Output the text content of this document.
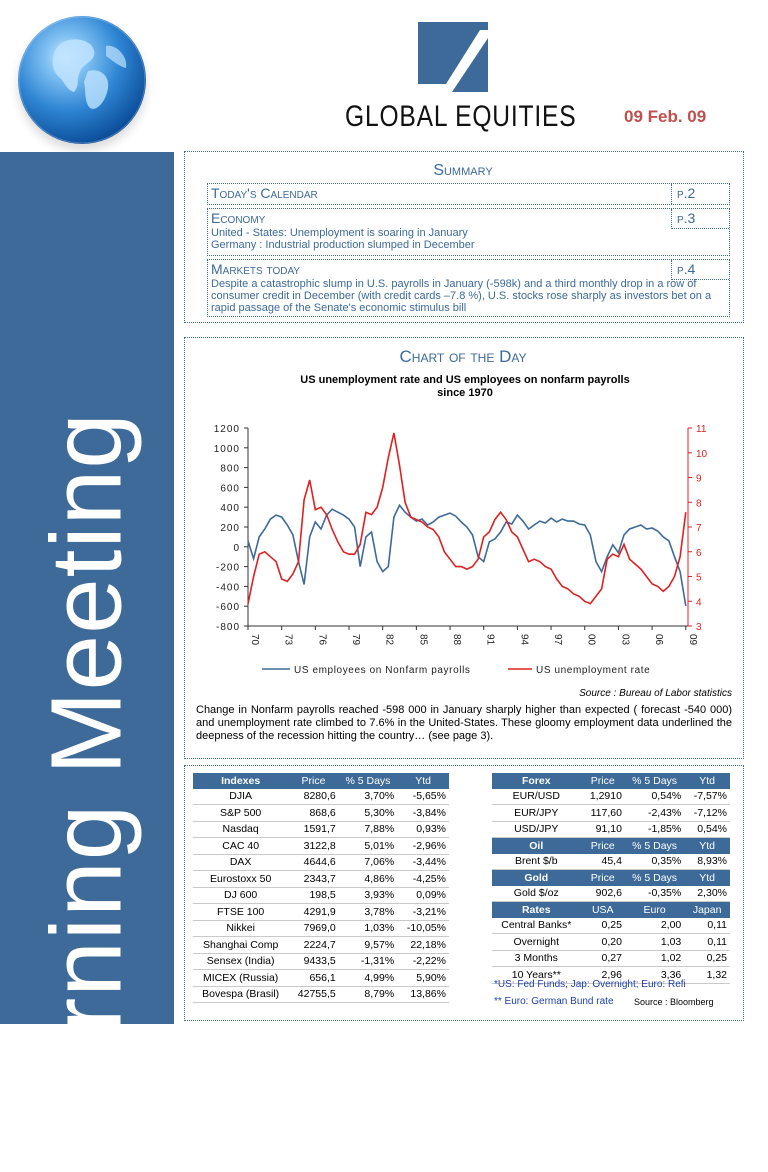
GLOBAL EQUITIES	09 Feb. 09
Morning Meeting
Summary
Today's Calendar	p.2
Economy
United - States: Unemployment is soaring in January
Germany : Industrial production slumped in December
p.3
Markets today
Despite a catastrophic slump in U.S. payrolls in January (-598k) and a third monthly drop in a row of consumer credit in December (with credit cards –7.8 %), U.S. stocks rose sharply as investors bet on a rapid passage of the Senate's economic stimulus bill
p.4
Chart of the Day
US unemployment rate and US employees on nonfarm payrolls since 1970
1200
1000
800
600
400
200
0
-200
-400
-600
-800
11
10
9
8
7
6
5
4
3
70 73 76 79 82 85 88 91 94 97 00 03 06 09
US employees on Nonfarm payrolls	US unemployment rate
Source : Bureau of Labor statistics
Change in Nonfarm payrolls reached -598 000 in January sharply higher than expected ( forecast -540 000) and unemployment rate climbed to 7.6% in the United-States. These gloomy employment data underlined the deepness of the recession hitting the country… (see page 3).
Indexes	Price	% 5 Days	Ytd
DJIA	8280,6	3,70%	-5,65%
S&P 500	868,6	5,30%	-3,84%
Nasdaq	1591,7	7,88%	0,93%
CAC 40	3122,8	5,01%	-2,96%
DAX	4644,6	7,06%	-3,44%
Eurostoxx 50	2343,7	4,86%	-4,25%
DJ 600	198,5	3,93%	0,09%
FTSE 100	4291,9	3,78%	-3,21%
Nikkei	7969,0	1,03%	-10,05%
Shanghai Comp	2224,7	9,57%	22,18%
Sensex (India)	9433,5	-1,31%	-2,22%
MICEX (Russia)	656,1	4,99%	5,90%
Bovespa (Brasil)	42755,5	8,79%	13,86%
Forex	Price	% 5 Days	Ytd
EUR/USD	1,2910	0,54%	-7,57%
EUR/JPY	117,60	-2,43%	-7,12%
USD/JPY	91,10	-1,85%	0,54%
Oil	Price	% 5 Days	Ytd
Brent $/b	45,4	0,35%	8,93%
Gold	Price	% 5 Days	Ytd
Gold $/oz	902,6	-0,35%	2,30%
Rates	USA	Euro	Japan
Central Banks*	0,25	2,00	0,11
Overnight	0,20	1,03	0,11
3 Months	0,27	1,02	0,25
10 Years**	2,96	3,36	1,32
*US: Fed Funds; Jap: Overnight; Euro: Refi
** Euro: German Bund rate Source : Bloomberg
